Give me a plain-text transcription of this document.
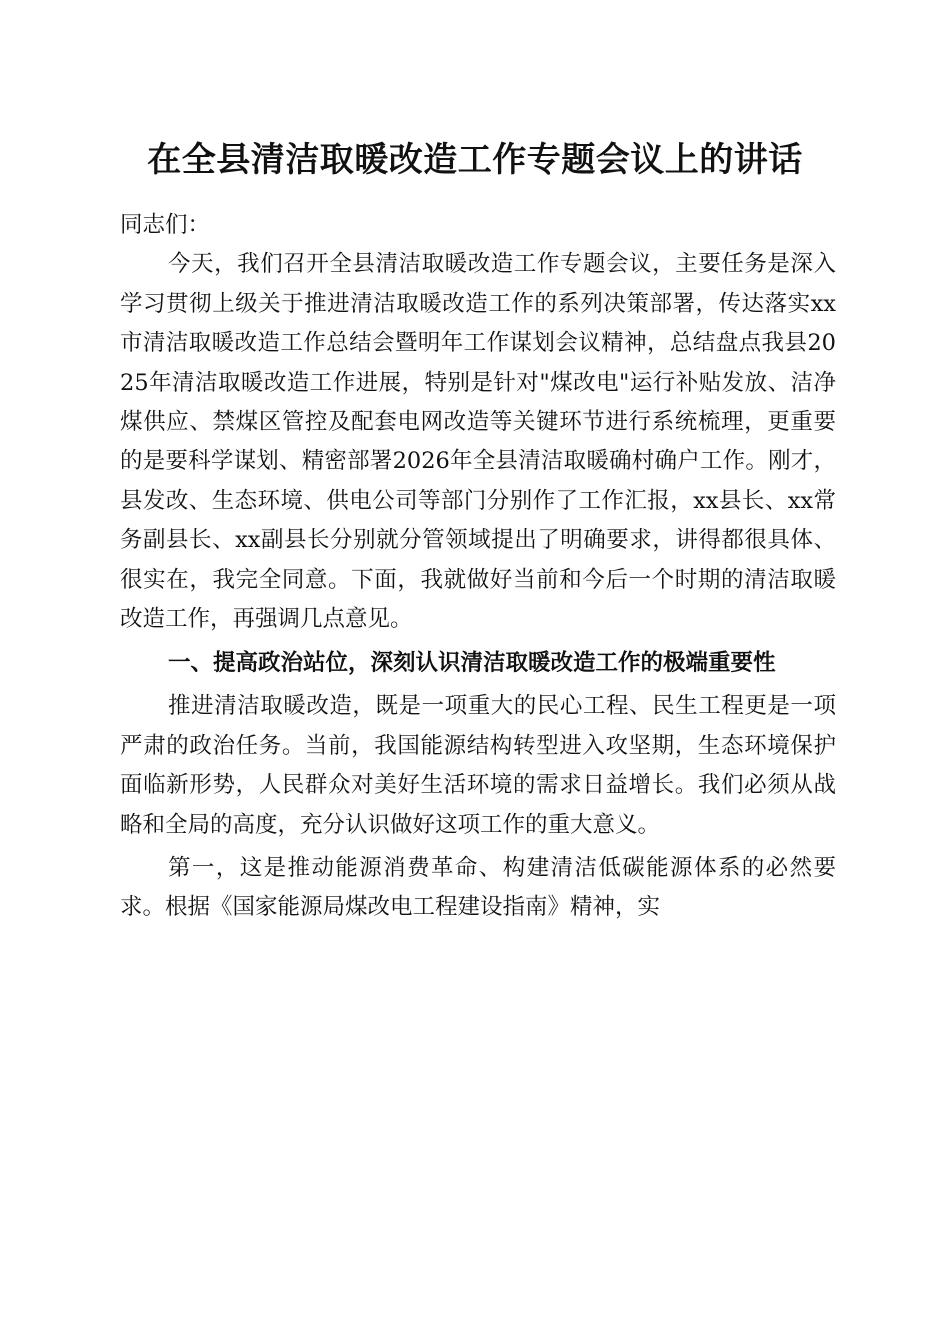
在全县清洁取暖改造工作专题会议上的讲话
同志们：

今天，我们召开全县清洁取暖改造工作专题会议，主要任务是深入学习贯彻上级关于推进清洁取暖改造工作的系列决策部署，传达落实xx市清洁取暖改造工作总结会暨明年工作谋划会议精神，总结盘点我县2025年清洁取暖改造工作进展，特别是针对"煤改电"运行补贴发放、洁净煤供应、禁煤区管控及配套电网改造等关键环节进行系统梳理，更重要的是要科学谋划、精密部署2026年全县清洁取暖确村确户工作。刚才，县发改、生态环境、供电公司等部门分别作了工作汇报，xx县长、xx常务副县长、xx副县长分别就分管领域提出了明确要求，讲得都很具体、很实在，我完全同意。下面，我就做好当前和今后一个时期的清洁取暖改造工作，再强调几点意见。

一、提高政治站位，深刻认识清洁取暖改造工作的极端重要性

推进清洁取暖改造，既是一项重大的民心工程、民生工程更是一项严肃的政治任务。当前，我国能源结构转型进入攻坚期，生态环境保护面临新形势，人民群众对美好生活环境的需求日益增长。我们必须从战略和全局的高度，充分认识做好这项工作的重大意义。

第一，这是推动能源消费革命、构建清洁低碳能源体系的必然要求。根据《国家能源局煤改电工程建设指南》精神，实
